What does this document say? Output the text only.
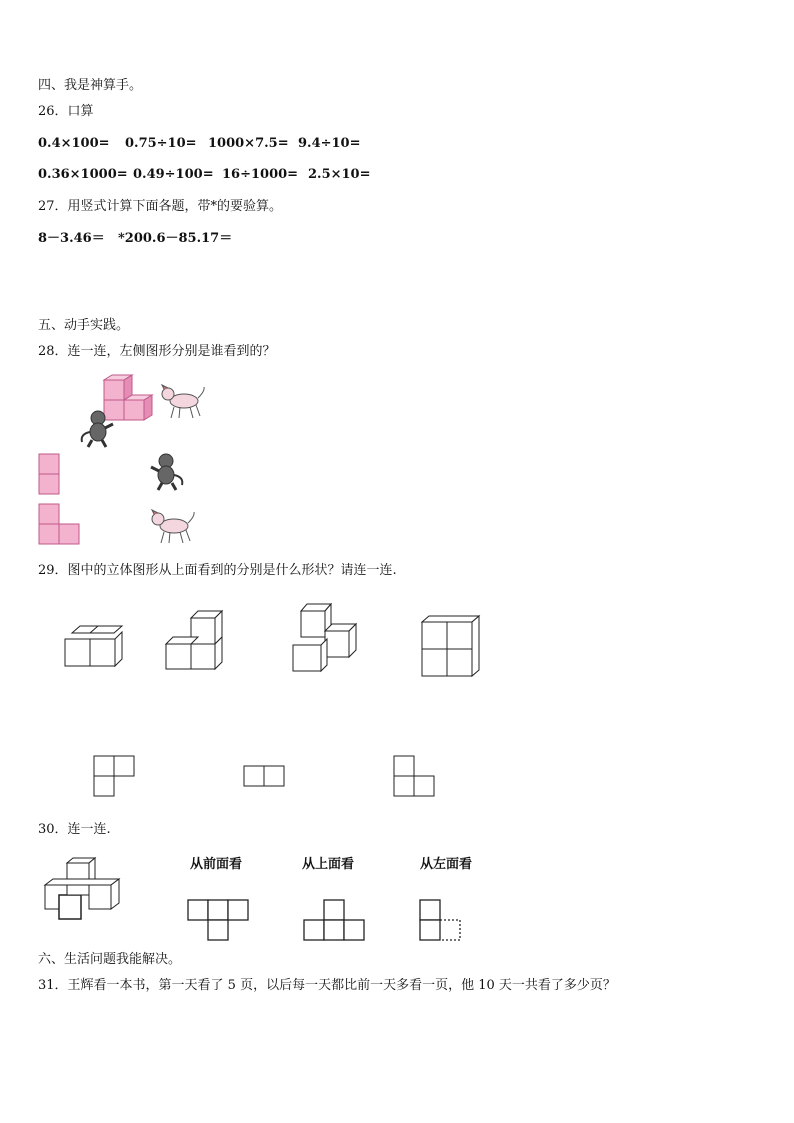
四、我是神算手。
26．口算
0.4×100= 0.75÷10= 1000×7.5= 9.4÷10=
0.36×1000= 0.49÷100= 16÷1000= 2.5×10=
27．用竖式计算下面各题，带*的要验算。
8－3.46＝ *200.6－85.17＝
五、动手实践。
28．连一连，左侧图形分别是谁看到的？
29．图中的立体图形从上面看到的分别是什么形状？请连一连.
30．连一连.
从前面看	从上面看	从左面看
六、生活问题我能解决。
31．王辉看一本书，第一天看了 5 页，以后每一天都比前一天多看一页，他 10 天一共看了多少页？
